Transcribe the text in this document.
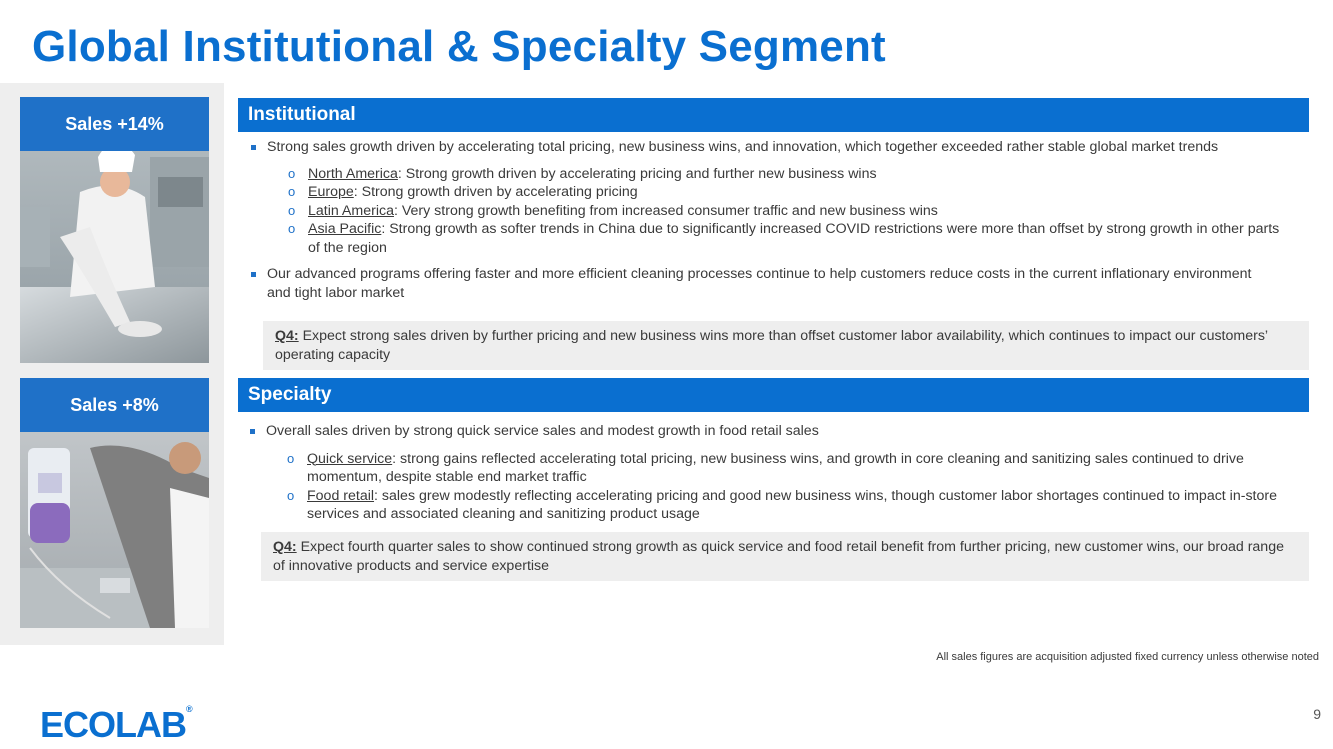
Global Institutional & Specialty Segment
Sales +14%
Sales +8%
Institutional
Strong sales growth driven by accelerating total pricing, new business wins, and innovation, which together exceeded rather stable global market trends
o North America: Strong growth driven by accelerating pricing and further new business wins
o Europe: Strong growth driven by accelerating pricing
o Latin America: Very strong growth benefiting from increased consumer traffic and new business wins
o Asia Pacific: Strong growth as softer trends in China due to significantly increased COVID restrictions were more than offset by strong growth in other parts of the region
Our advanced programs offering faster and more efficient cleaning processes continue to help customers reduce costs in the current inflationary environment and tight labor market
Q4: Expect strong sales driven by further pricing and new business wins more than offset customer labor availability, which continues to impact our customers’ operating capacity
Specialty
Overall sales driven by strong quick service sales and modest growth in food retail sales
o Quick service: strong gains reflected accelerating total pricing, new business wins, and growth in core cleaning and sanitizing sales continued to drive momentum, despite stable end market traffic
o Food retail: sales grew modestly reflecting accelerating pricing and good new business wins, though customer labor shortages continued to impact in-store services and associated cleaning and sanitizing product usage
Q4: Expect fourth quarter sales to show continued strong growth as quick service and food retail benefit from further pricing, new customer wins, our broad range of innovative products and service expertise
All sales figures are acquisition adjusted fixed currency unless otherwise noted
ECOLAB®	9
